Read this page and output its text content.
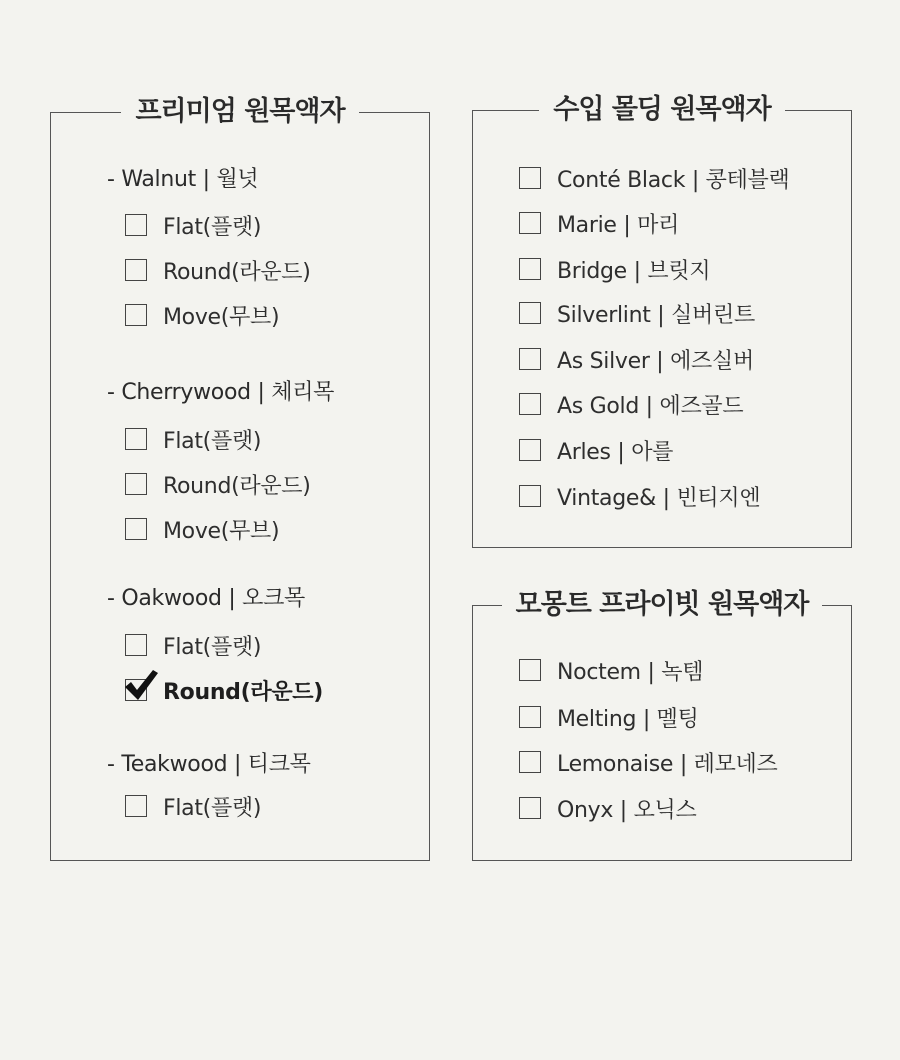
프리미엄 원목액자
- Walnut | 월넛
Flat(플랫)
Round(라운드)
Move(무브)
- Cherrywood | 체리목
Flat(플랫)
Round(라운드)
Move(무브)
- Oakwood | 오크목
Flat(플랫)
Round(라운드)
- Teakwood | 티크목
Flat(플랫)
수입 몰딩 원목액자
Conté Black | 콩테블랙
Marie | 마리
Bridge | 브릿지
Silverlint | 실버린트
As Silver | 에즈실버
As Gold | 에즈골드
Arles | 아를
Vintage& | 빈티지엔
모몽트 프라이빗 원목액자
Noctem | 녹템
Melting | 멜팅
Lemonaise | 레모네즈
Onyx | 오닉스
